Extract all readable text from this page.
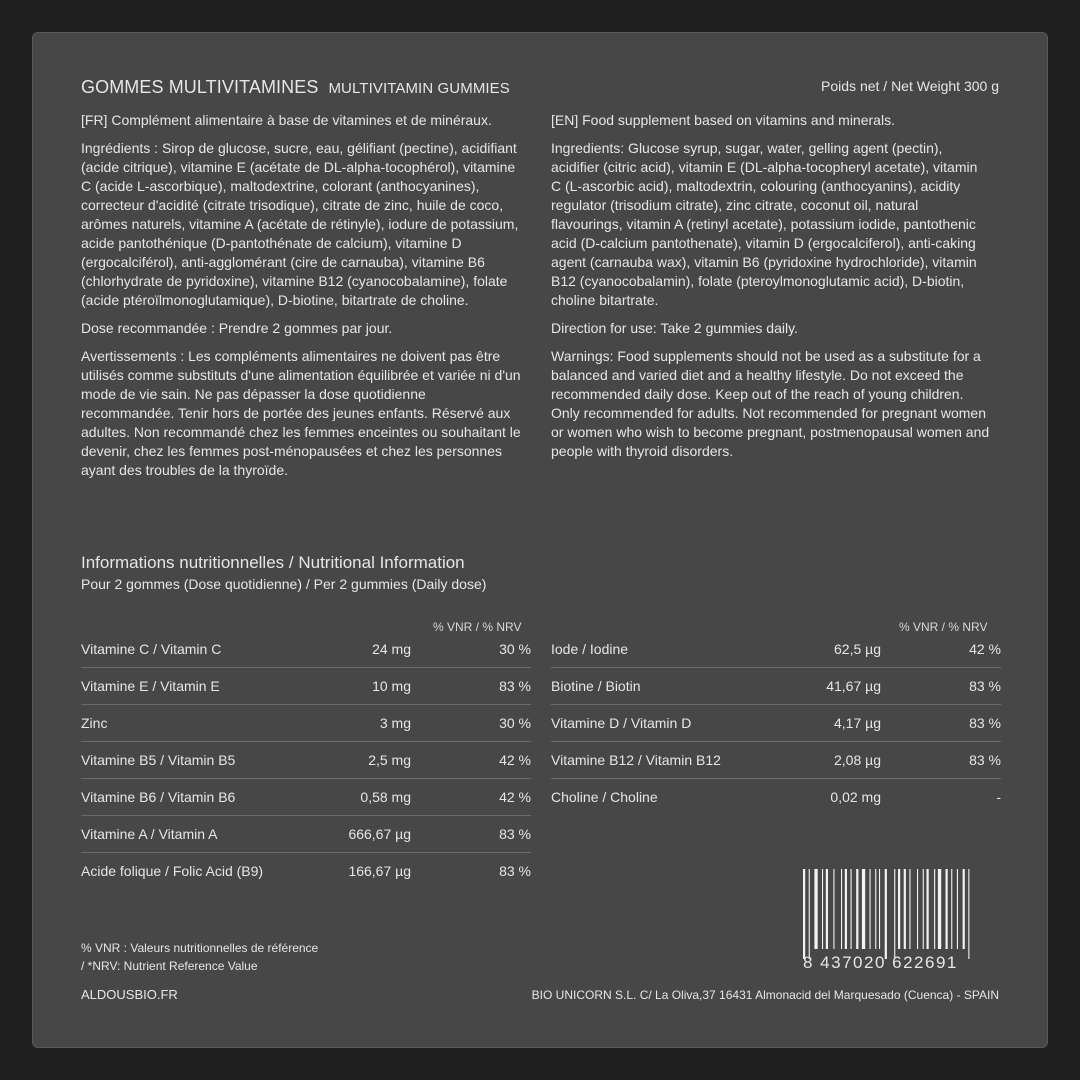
GOMMES MULTIVITAMINES MULTIVITAMIN GUMMIES	Poids net / Net Weight 300 g

[FR] Complément alimentaire à base de vitamines et de minéraux.

Ingrédients : Sirop de glucose, sucre, eau, gélifiant (pectine), acidifiant (acide citrique), vitamine E (acétate de DL-alpha-tocophérol), vitamine C (acide L-ascorbique), maltodextrine, colorant (anthocyanines), correcteur d'acidité (citrate trisodique), citrate de zinc, huile de coco, arômes naturels, vitamine A (acétate de rétinyle), iodure de potassium, acide pantothénique (D-pantothénate de calcium), vitamine D (ergocalciférol), anti-agglomérant (cire de carnauba), vitamine B6 (chlorhydrate de pyridoxine), vitamine B12 (cyanocobalamine), folate (acide ptéroïlmonoglutamique), D-biotine, bitartrate de choline.

Dose recommandée : Prendre 2 gommes par jour.

Avertissements : Les compléments alimentaires ne doivent pas être utilisés comme substituts d'une alimentation équilibrée et variée ni d'un mode de vie sain. Ne pas dépasser la dose quotidienne recommandée. Tenir hors de portée des jeunes enfants. Réservé aux adultes. Non recommandé chez les femmes enceintes ou souhaitant le devenir, chez les femmes post-ménopausées et chez les personnes ayant des troubles de la thyroïde.

[EN] Food supplement based on vitamins and minerals.

Ingredients: Glucose syrup, sugar, water, gelling agent (pectin), acidifier (citric acid), vitamin E (DL-alpha-tocopheryl acetate), vitamin C (L-ascorbic acid), maltodextrin, colouring (anthocyanins), acidity regulator (trisodium citrate), zinc citrate, coconut oil, natural flavourings, vitamin A (retinyl acetate), potassium iodide, pantothenic acid (D-calcium pantothenate), vitamin D (ergocalciferol), anti-caking agent (carnauba wax), vitamin B6 (pyridoxine hydrochloride), vitamin B12 (cyanocobalamin), folate (pteroylmonoglutamic acid), D-biotin, choline bitartrate.

Direction for use: Take 2 gummies daily.

Warnings: Food supplements should not be used as a substitute for a balanced and varied diet and a healthy lifestyle. Do not exceed the recommended daily dose. Keep out of the reach of young children. Only recommended for adults. Not recommended for pregnant women or women who wish to become pregnant, postmenopausal women and people with thyroid disorders.

Informations nutritionnelles / Nutritional Information
Pour 2 gommes (Dose quotidienne) / Per 2 gummies (Daily dose)
% VNR / % NRV	% VNR / % NRV
Vitamine C / Vitamin C	24 mg	30 %
Vitamine E / Vitamin E	10 mg	83 %
Zinc	3 mg	30 %
Vitamine B5 / Vitamin B5	2,5 mg	42 %
Vitamine B6 / Vitamin B6	0,58 mg	42 %
Vitamine A / Vitamin A	666,67 µg	83 %
Acide folique / Folic Acid (B9)	166,67 µg	83 %
Iode / Iodine	62,5 µg	42 %
Biotine / Biotin	41,67 µg	83 %
Vitamine D / Vitamin D	4,17 µg	83 %
Vitamine B12 / Vitamin B12	2,08 µg	83 %
Choline / Choline	0,02 mg	-
8 437020 622691
% VNR : Valeurs nutritionnelles de référence
/ *NRV: Nutrient Reference Value
ALDOUSBIO.FR	BIO UNICORN S.L. C/ La Oliva,37 16431 Almonacid del Marquesado (Cuenca) - SPAIN
